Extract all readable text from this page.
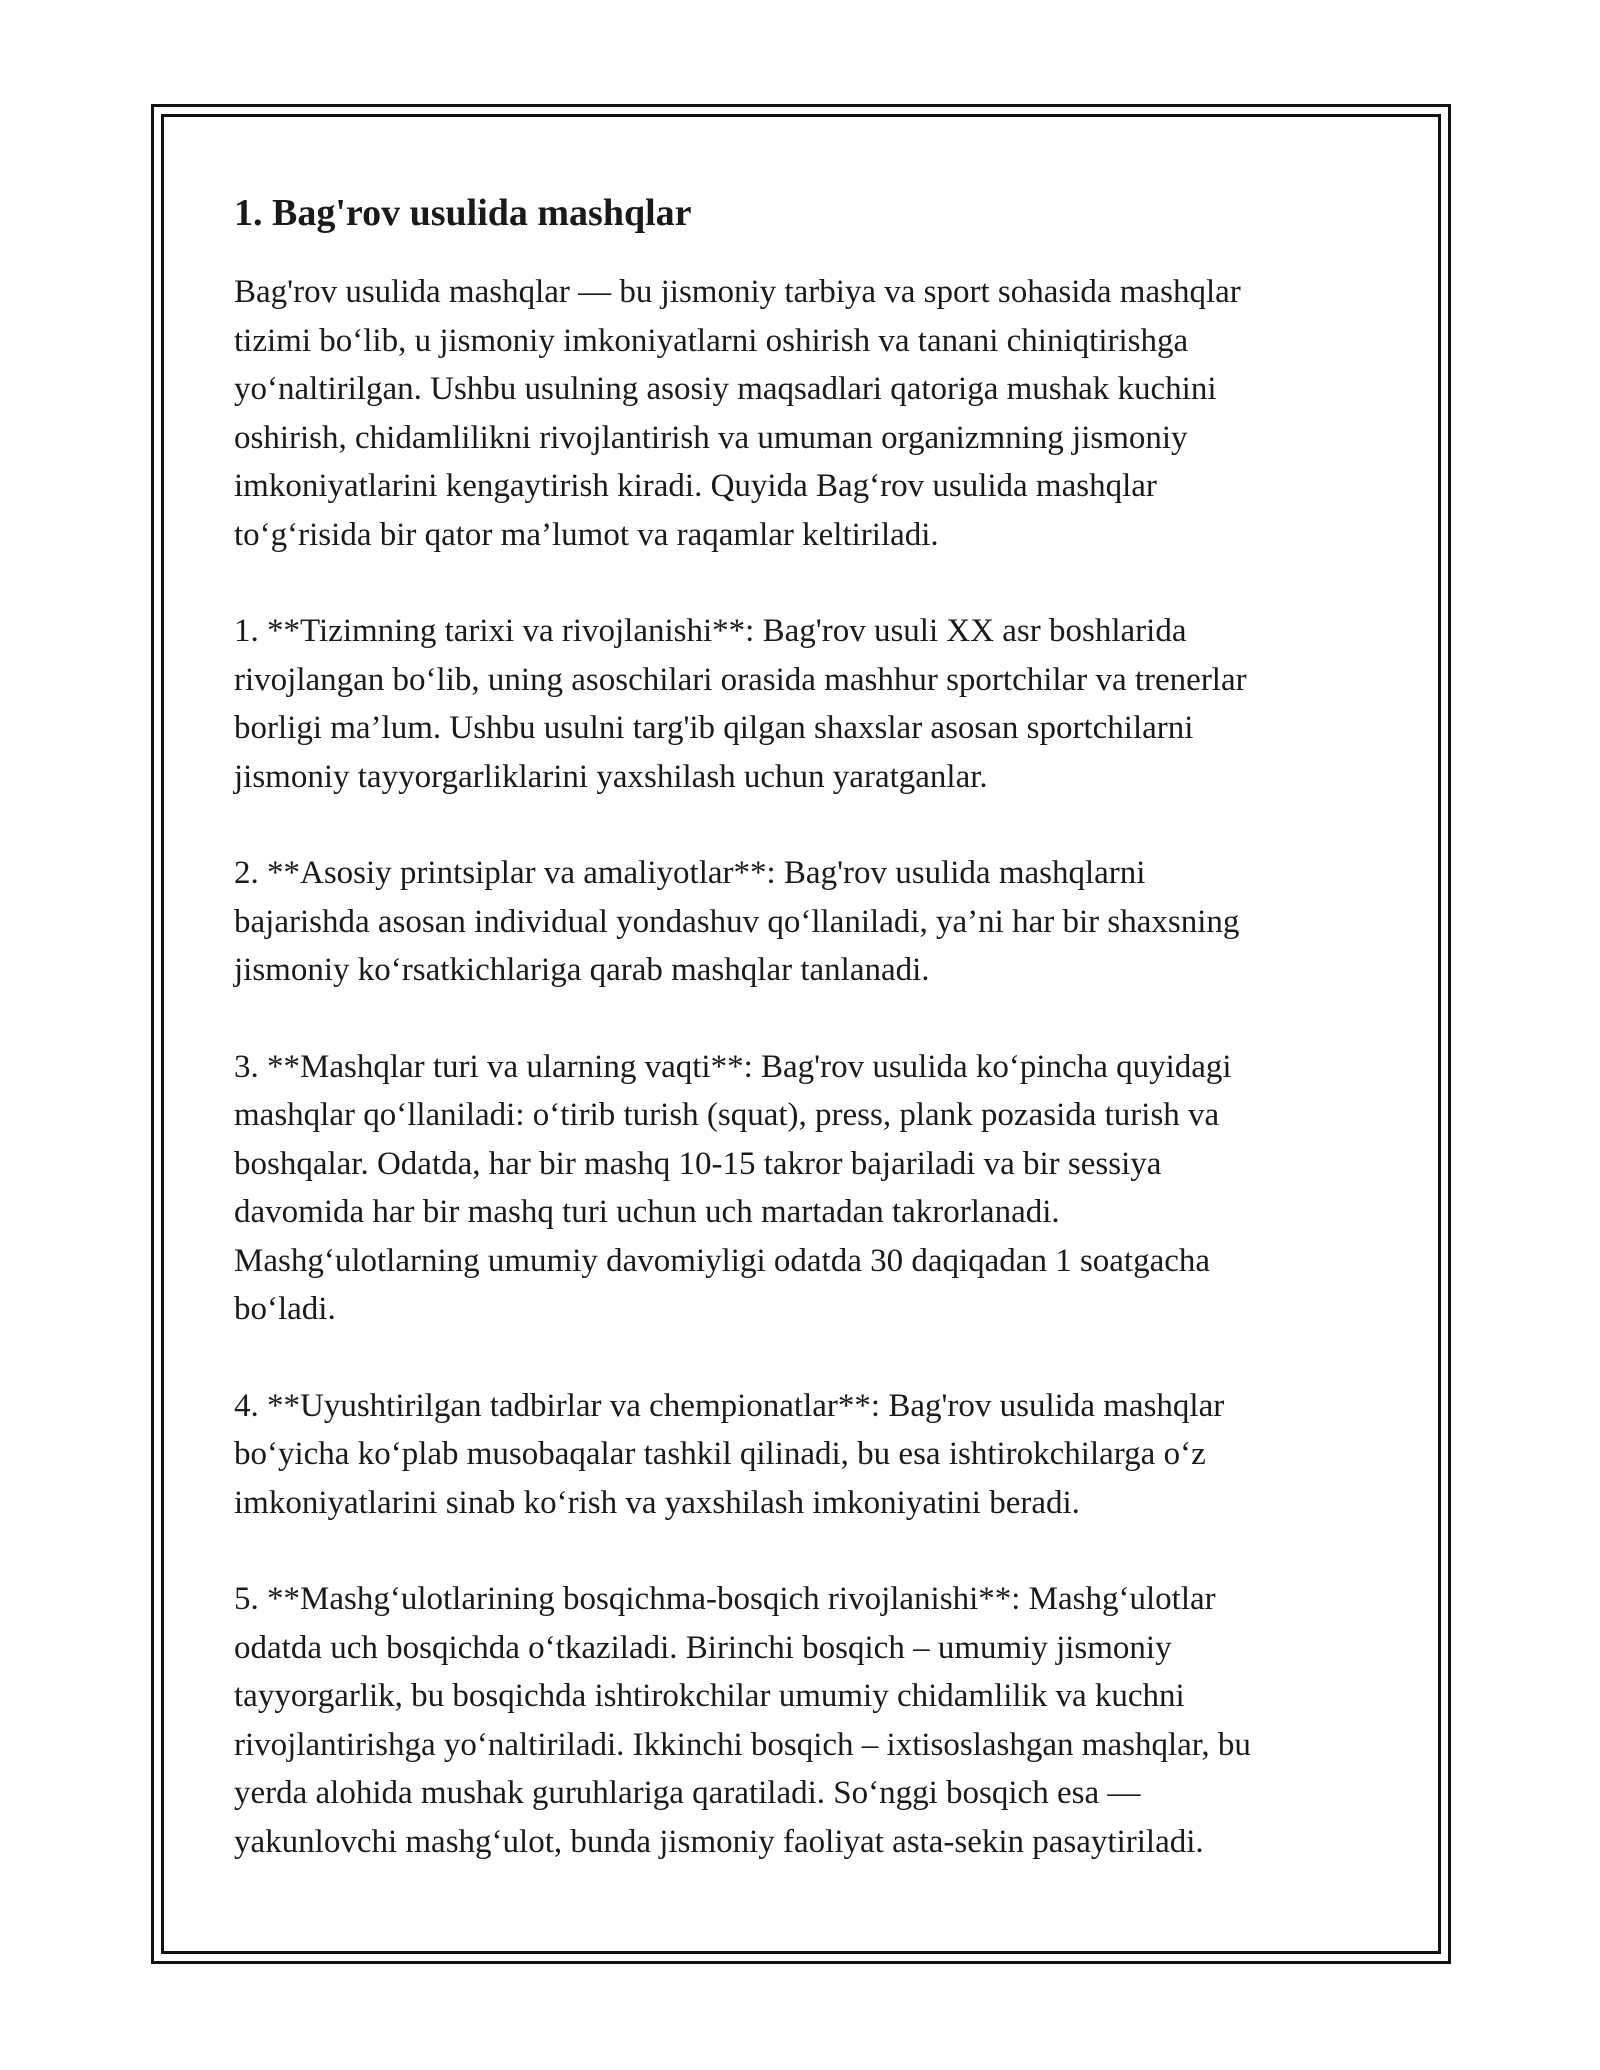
1. Bag'rov usulida mashqlar

Bag'rov usulida mashqlar — bu jismoniy tarbiya va sport sohasida mashqlar
tizimi bo‘lib, u jismoniy imkoniyatlarni oshirish va tanani chiniqtirishga
yo‘naltirilgan. Ushbu usulning asosiy maqsadlari qatoriga mushak kuchini
oshirish, chidamlilikni rivojlantirish va umuman organizmning jismoniy
imkoniyatlarini kengaytirish kiradi. Quyida Bag‘rov usulida mashqlar
to‘g‘risida bir qator ma’lumot va raqamlar keltiriladi.

1. **Tizimning tarixi va rivojlanishi**: Bag'rov usuli XX asr boshlarida
rivojlangan bo‘lib, uning asoschilari orasida mashhur sportchilar va trenerlar
borligi ma’lum. Ushbu usulni targ'ib qilgan shaxslar asosan sportchilarni
jismoniy tayyorgarliklarini yaxshilash uchun yaratganlar.

2. **Asosiy printsiplar va amaliyotlar**: Bag'rov usulida mashqlarni
bajarishda asosan individual yondashuv qo‘llaniladi, ya’ni har bir shaxsning
jismoniy ko‘rsatkichlariga qarab mashqlar tanlanadi.

3. **Mashqlar turi va ularning vaqti**: Bag'rov usulida ko‘pincha quyidagi
mashqlar qo‘llaniladi: o‘tirib turish (squat), press, plank pozasida turish va
boshqalar. Odatda, har bir mashq 10-15 takror bajariladi va bir sessiya
davomida har bir mashq turi uchun uch martadan takrorlanadi.
Mashg‘ulotlarning umumiy davomiyligi odatda 30 daqiqadan 1 soatgacha
bo‘ladi.

4. **Uyushtirilgan tadbirlar va chempionatlar**: Bag'rov usulida mashqlar
bo‘yicha ko‘plab musobaqalar tashkil qilinadi, bu esa ishtirokchilarga o‘z
imkoniyatlarini sinab ko‘rish va yaxshilash imkoniyatini beradi.

5. **Mashg‘ulotlarining bosqichma-bosqich rivojlanishi**: Mashg‘ulotlar
odatda uch bosqichda o‘tkaziladi. Birinchi bosqich – umumiy jismoniy
tayyorgarlik, bu bosqichda ishtirokchilar umumiy chidamlilik va kuchni
rivojlantirishga yo‘naltiriladi. Ikkinchi bosqich – ixtisoslashgan mashqlar, bu
yerda alohida mushak guruhlariga qaratiladi. So‘nggi bosqich esa —
yakunlovchi mashg‘ulot, bunda jismoniy faoliyat asta-sekin pasaytiriladi.
